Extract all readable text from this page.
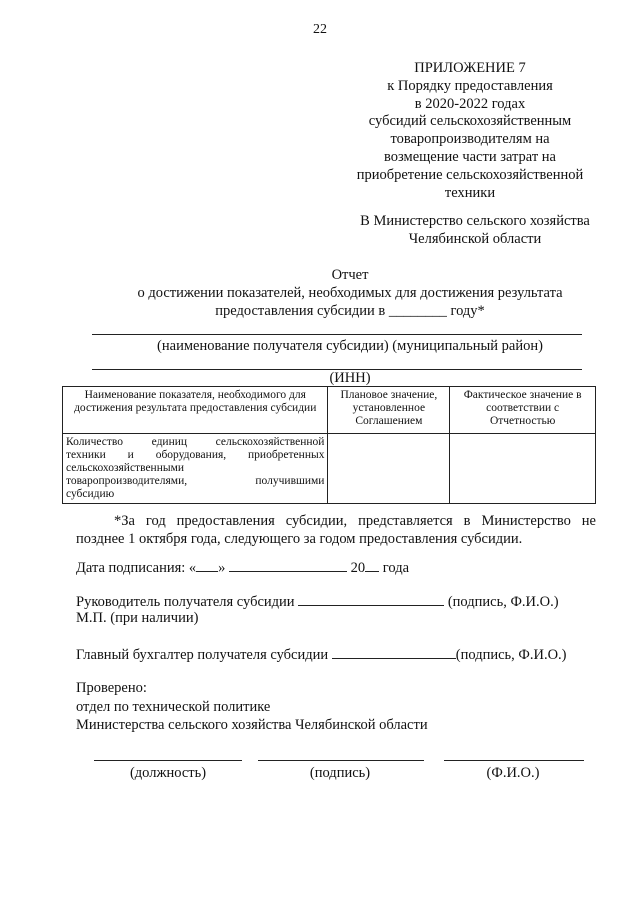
22
ПРИЛОЖЕНИЕ 7
к Порядку предоставления
в 2020-2022 годах
субсидий сельскохозяйственным
товаропроизводителям на
возмещение части затрат на
приобретение сельскохозяйственной
техники
В Министерство сельского хозяйства
Челябинской области
Отчет
о достижении показателей, необходимых для достижения результата
предоставления субсидии в ________ году*
(наименование получателя субсидии) (муниципальный район)
(ИНН)
Наименование показателя, необходимого для достижения результата предоставления субсидии	Плановое значение, установленное Соглашением	Фактическое значение в соответствии с Отчетностью

Количество единиц сельскохозяйственной
техники и оборудования, приобретенных
сельскохозяйственными
товаропроизводителями, получившими
субсидию		

*За год предоставления субсидии, представляется в Министерство не позднее 1 октября года, следующего за годом предоставления субсидии.
Дата подписания: « »	20 года
Руководитель получателя субсидии	(подпись, Ф.И.О.)
М.П. (при наличии)
Главный бухгалтер получателя субсидии	(подпись, Ф.И.О.)
Проверено:
отдел по технической политике
Министерства сельского хозяйства Челябинской области
(должность)	(подпись)	(Ф.И.О.)
